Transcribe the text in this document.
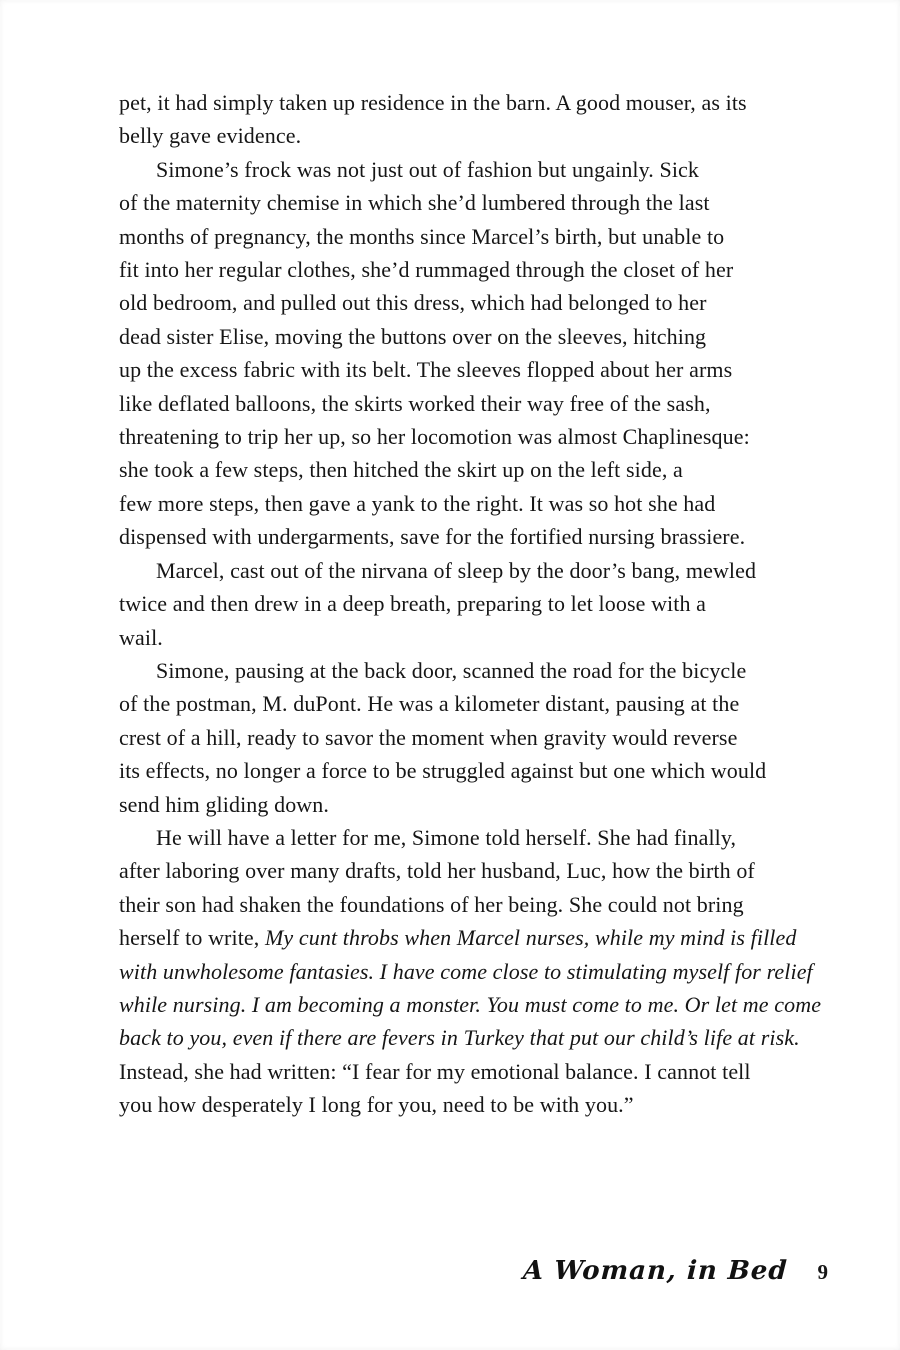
pet, it had simply taken up residence in the barn. A good mouser, as its
belly gave evidence.
Simone’s frock was not just out of fashion but ungainly. Sick
of the maternity chemise in which she’d lumbered through the last
months of pregnancy, the months since Marcel’s birth, but unable to
fit into her regular clothes, she’d rummaged through the closet of her
old bedroom, and pulled out this dress, which had belonged to her
dead sister Elise, moving the buttons over on the sleeves, hitching
up the excess fabric with its belt. The sleeves flopped about her arms
like deflated balloons, the skirts worked their way free of the sash,
threatening to trip her up, so her locomotion was almost Chaplinesque:
she took a few steps, then hitched the skirt up on the left side, a
few more steps, then gave a yank to the right. It was so hot she had
dispensed with undergarments, save for the fortified nursing brassiere.
Marcel, cast out of the nirvana of sleep by the door’s bang, mewled
twice and then drew in a deep breath, preparing to let loose with a
wail.
Simone, pausing at the back door, scanned the road for the bicycle
of the postman, M. duPont. He was a kilometer distant, pausing at the
crest of a hill, ready to savor the moment when gravity would reverse
its effects, no longer a force to be struggled against but one which would
send him gliding down.
He will have a letter for me, Simone told herself. She had finally,
after laboring over many drafts, told her husband, Luc, how the birth of
their son had shaken the foundations of her being. She could not bring
herself to write, My cunt throbs when Marcel nurses, while my mind is filled
with unwholesome fantasies. I have come close to stimulating myself for relief
while nursing. I am becoming a monster. You must come to me. Or let me come
back to you, even if there are fevers in Turkey that put our child’s life at risk.
Instead, she had written: “I fear for my emotional balance. I cannot tell
you how desperately I long for you, need to be with you.”
A Woman, in Bed 9
